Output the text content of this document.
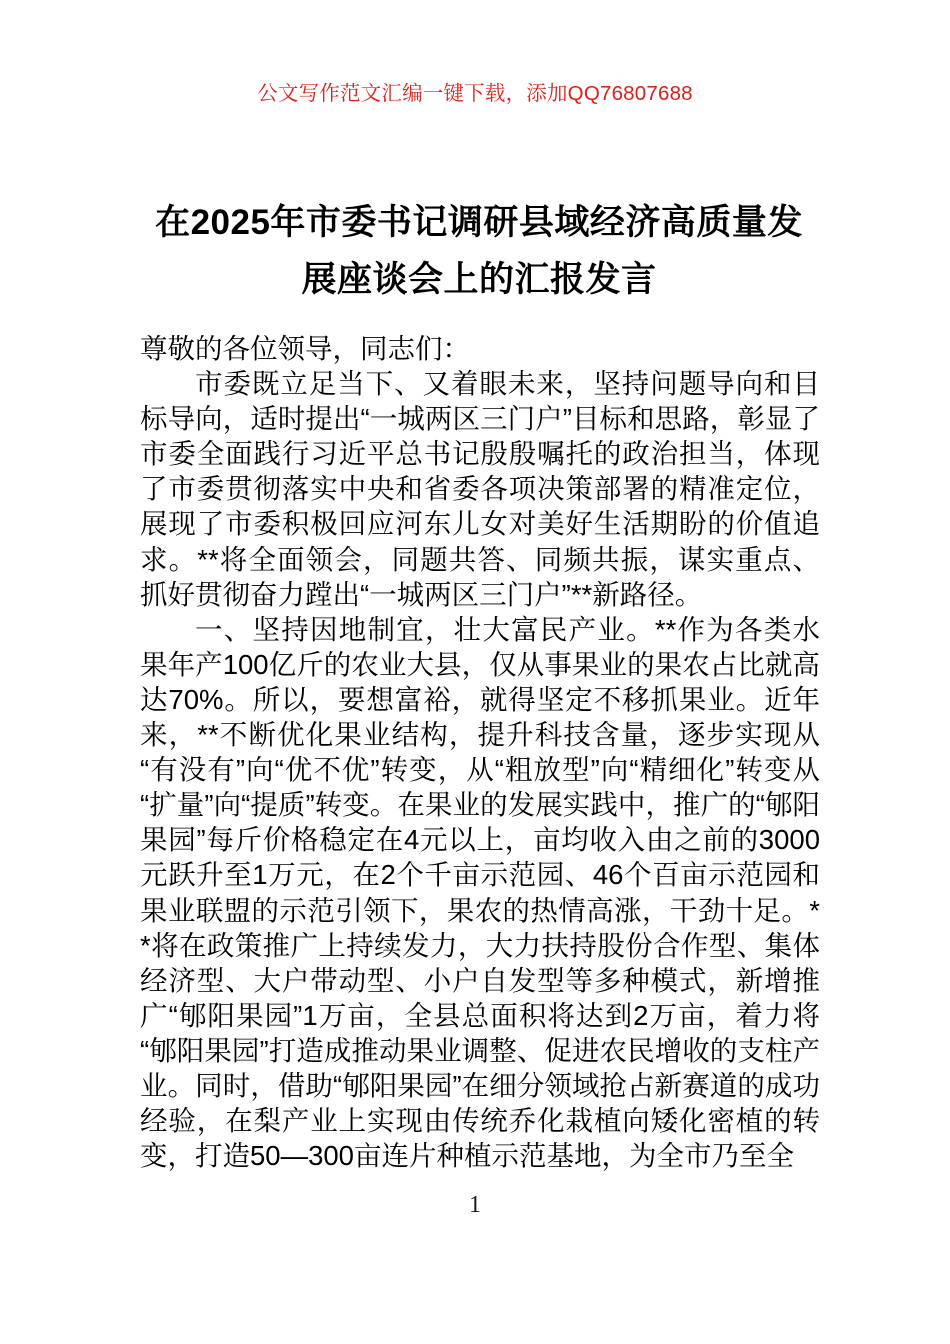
公文写作范文汇编一键下载，添加QQ76807688
在2025年市委书记调研县域经济高质量发展座谈会上的汇报发言

尊敬的各位领导，同志们：

市委既立足当下、又着眼未来，坚持问题导向和目标导向，适时提出“一城两区三门户”目标和思路，彰显了市委全面践行习近平总书记殷殷嘱托的政治担当，体现了市委贯彻落实中央和省委各项决策部署的精准定位，展现了市委积极回应河东儿女对美好生活期盼的价值追求。**将全面领会，同题共答、同频共振，谋实重点、抓好贯彻奋力蹚出“一城两区三门户”**新路径。

一、坚持因地制宜，壮大富民产业。**作为各类水果年产100亿斤的农业大县，仅从事果业的果农占比就高达70%。所以，要想富裕，就得坚定不移抓果业。近年来，**不断优化果业结构，提升科技含量，逐步实现从“有没有”向“优不优”转变，从“粗放型”向“精细化”转变从“扩量”向“提质”转变。在果业的发展实践中，推广的“郇阳果园”每斤价格稳定在4元以上，亩均收入由之前的3000元跃升至1万元，在2个千亩示范园、46个百亩示范园和果业联盟的示范引领下，果农的热情高涨，干劲十足。**将在政策推广上持续发力，大力扶持股份合作型、集体经济型、大户带动型、小户自发型等多种模式，新增推广“郇阳果园”1万亩，全县总面积将达到2万亩，着力将“郇阳果园”打造成推动果业调整、促进农民增收的支柱产业。同时，借助“郇阳果园”在细分领域抢占新赛道的成功经验，在梨产业上实现由传统乔化栽植向矮化密植的转变，打造50—300亩连片种植示范基地，为全市乃至全

1
